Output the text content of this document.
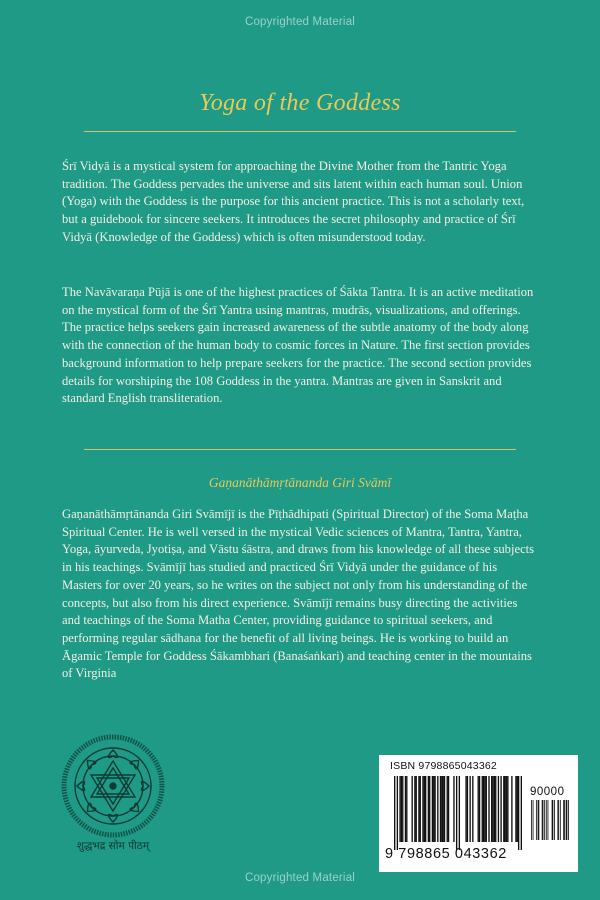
Copyrighted Material
Yoga of the Goddess

Śrī Vidyā is a mystical system for approaching the Divine Mother from the Tantric Yoga tradition. The Goddess pervades the universe and sits latent within each human soul. Union (Yoga) with the Goddess is the purpose for this ancient practice. This is not a scholarly text, but a guidebook for sincere seekers. It introduces the secret philosophy and practice of Śrī Vidyā (Knowledge of the Goddess) which is often misunderstood today.

The Navāvaraṇa Pūjā is one of the highest practices of Śākta Tantra. It is an active meditation on the mystical form of the Śrī Yantra using mantras, mudrās, visualizations, and offerings. The practice helps seekers gain increased awareness of the subtle anatomy of the body along with the connection of the human body to cosmic forces in Nature. The first section provides background information to help prepare seekers for the practice. The second section provides details for worshiping the 108 Goddess in the yantra. Mantras are given in Sanskrit and standard English transliteration.

Gaṇanāthāmṛtānanda Giri Svāmī

Gaṇanāthāmṛtānanda Giri Svāmījī is the Pīṭhādhipati (Spiritual Director) of the Soma Maṭha Spiritual Center. He is well versed in the mystical Vedic sciences of Mantra, Tantra, Yantra, Yoga, āyurveda, Jyotiṣa, and Vāstu śāstra, and draws from his knowledge of all these subjects in his teachings. Svāmījī has studied and practiced Śrī Vidyā under the guidance of his Masters for over 20 years, so he writes on the subject not only from his understanding of the concepts, but also from his direct experience. Svāmījī remains busy directing the activities and teachings of the Soma Matha Center, providing guidance to spiritual seekers, and performing regular sādhana for the benefit of all living beings. He is working to build an Āgamic Temple for Goddess Śākambhari (Banaśaṅkari) and teaching center in the mountains of Virginia

शुद्धभद्र सोम पीठम्
ISBN 9798865043362
90000
9 798865 043362
Copyrighted Material
